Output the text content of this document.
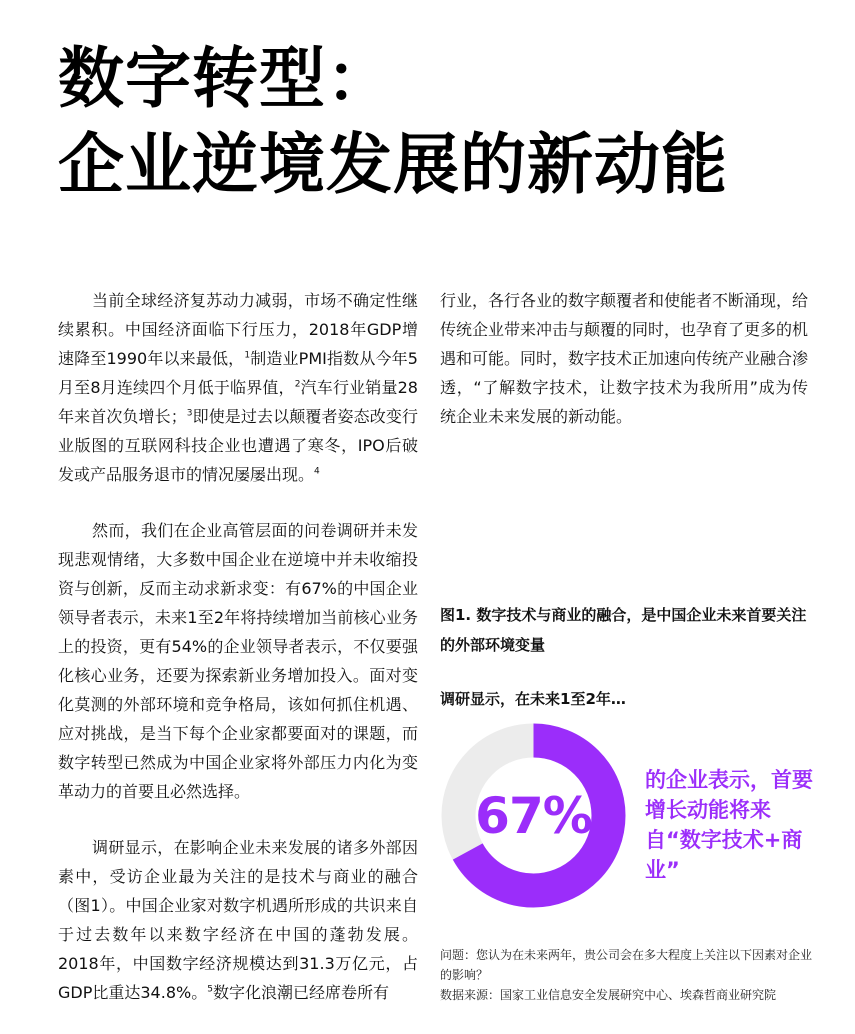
数字转型：
企业逆境发展的新动能

当前全球经济复苏动力减弱，市场不确定性继续累积。中国经济面临下行压力，2018年GDP增速降至1990年以来最低，$^1$制造业PMI指数从今年5月至8月连续四个月低于临界值，$^2$汽车行业销量28年来首次负增长；$^3$即使是过去以颠覆者姿态改变行业版图的互联网科技企业也遭遇了寒冬，IPO后破发或产品服务退市的情况屡屡出现。$^4$

然而，我们在企业高管层面的问卷调研并未发现悲观情绪，大多数中国企业在逆境中并未收缩投资与创新，反而主动求新求变：有67%的中国企业领导者表示，未来1至2年将持续增加当前核心业务上的投资，更有54%的企业领导者表示，不仅要强化核心业务，还要为探索新业务增加投入。面对变化莫测的外部环境和竞争格局，该如何抓住机遇、应对挑战，是当下每个企业家都要面对的课题，而数字转型已然成为中国企业家将外部压力内化为变革动力的首要且必然选择。

调研显示，在影响企业未来发展的诸多外部因素中，受访企业最为关注的是技术与商业的融合（图1）。中国企业家对数字机遇所形成的共识来自于过去数年以来数字经济在中国的蓬勃发展。2018年，中国数字经济规模达到31.3万亿元，占GDP比重达34.8%。$^5$数字化浪潮已经席卷所有

行业，各行各业的数字颠覆者和使能者不断涌现，给传统企业带来冲击与颠覆的同时，也孕育了更多的机遇和可能。同时，数字技术正加速向传统产业融合渗透，“了解数字技术，让数字技术为我所用”成为传统企业未来发展的新动能。

图1. 数字技术与商业的融合，是中国企业未来首要关注的外部环境变量

调研显示，在未来1至2年…

67%

的企业表示，首要增长动能将来自“数字技术+商业”

问题：您认为在未来两年，贵公司会在多大程度上关注以下因素对企业的影响？
数据来源：国家工业信息安全发展研究中心、埃森哲商业研究院
